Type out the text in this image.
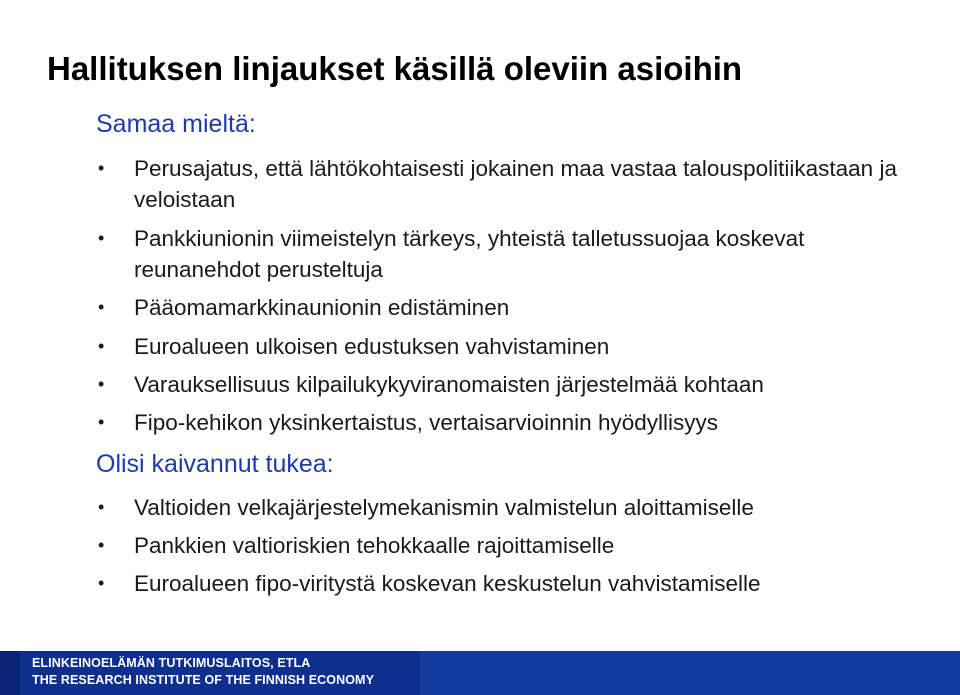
Hallituksen linjaukset käsillä oleviin asioihin
Samaa mieltä:
•	Perusajatus, että lähtökohtaisesti jokainen maa vastaa talouspolitiikastaan ja veloistaan
•	Pankkiunionin viimeistelyn tärkeys, yhteistä talletussuojaa koskevat reunanehdot perusteltuja
•	Pääomamarkkinaunionin edistäminen
•	Euroalueen ulkoisen edustuksen vahvistaminen
•	Varauksellisuus kilpailukykyviranomaisten järjestelmää kohtaan
•	Fipo-kehikon yksinkertaistus, vertaisarvioinnin hyödyllisyys
Olisi kaivannut tukea:
•	Valtioiden velkajärjestelymekanismin valmistelun aloittamiselle
•	Pankkien valtioriskien tehokkaalle rajoittamiselle
•	Euroalueen fipo-viritystä koskevan keskustelun vahvistamiselle
ELINKEINOELÄMÄN TUTKIMUSLAITOS, ETLA
THE RESEARCH INSTITUTE OF THE FINNISH ECONOMY
